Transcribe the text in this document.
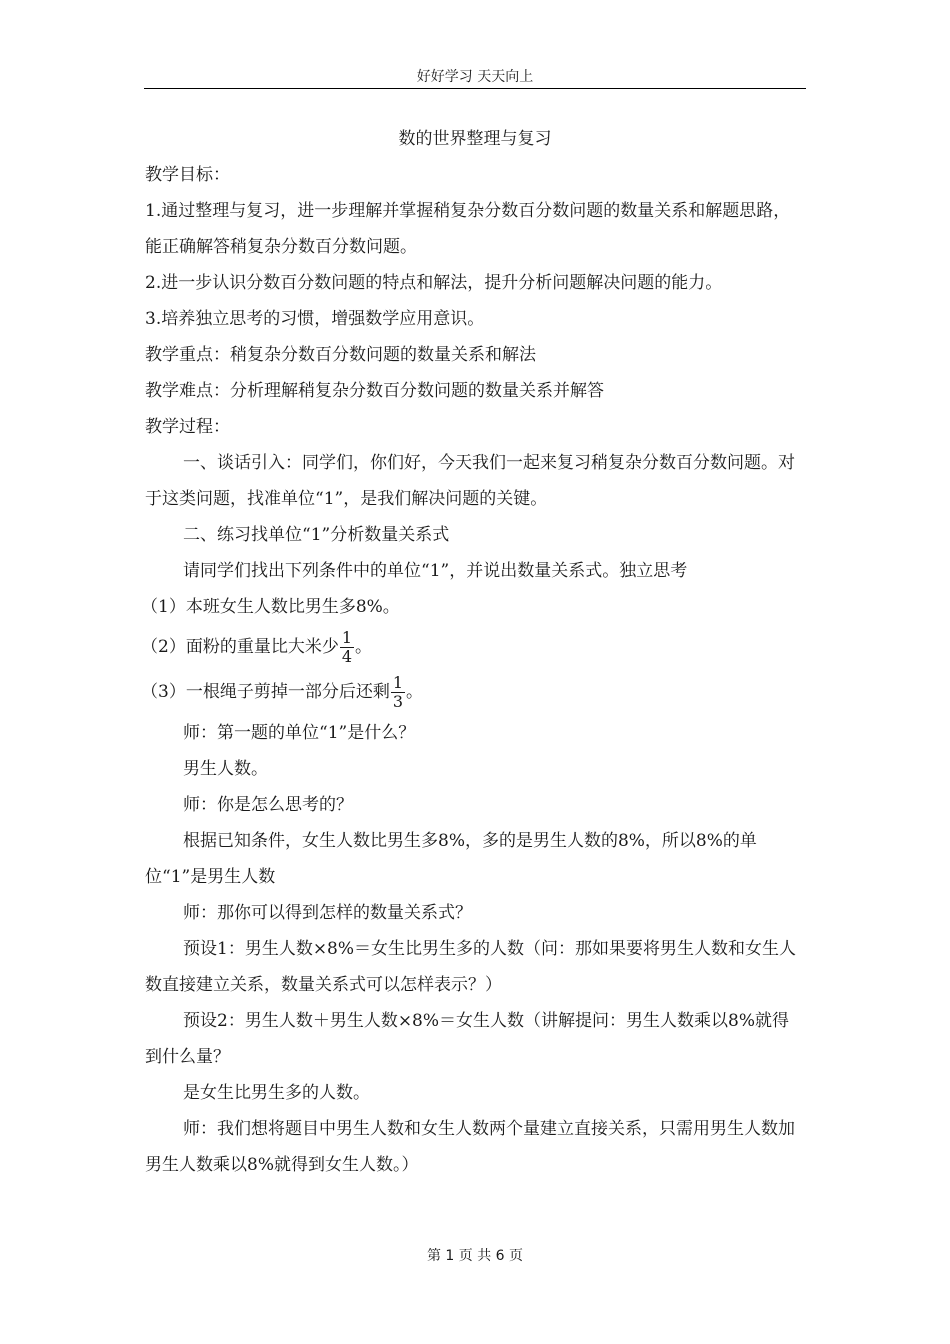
好好学习 天天向上
数的世界整理与复习

教学目标：

1.通过整理与复习，进一步理解并掌握稍复杂分数百分数问题的数量关系和解题思路，能正确解答稍复杂分数百分数问题。

2.进一步认识分数百分数问题的特点和解法，提升分析问题解决问题的能力。

3.培养独立思考的习惯，增强数学应用意识。

教学重点：稍复杂分数百分数问题的数量关系和解法

教学难点：分析理解稍复杂分数百分数问题的数量关系并解答

教学过程：

一、谈话引入：同学们，你们好，今天我们一起来复习稍复杂分数百分数问题。对于这类问题，找准单位“1”，是我们解决问题的关键。

二、练习找单位“1”分析数量关系式

请同学们找出下列条件中的单位“1”，并说出数量关系式。独立思考

（1）本班女生人数比男生多8%。

（2）面粉的重量比大米少 $\frac{1}{4}$ 。

（3）一根绳子剪掉一部分后还剩 $\frac{1}{3}$ 。

师：第一题的单位“1”是什么？

男生人数。

师：你是怎么思考的？

根据已知条件，女生人数比男生多8%，多的是男生人数的8%，所以8%的单位“1”是男生人数

师：那你可以得到怎样的数量关系式？

预设1：男生人数×8%＝女生比男生多的人数（问：那如果要将男生人数和女生人数直接建立关系，数量关系式可以怎样表示？）

预设2：男生人数＋男生人数×8%＝女生人数（讲解提问：男生人数乘以8%就得到什么量？

是女生比男生多的人数。

师：我们想将题目中男生人数和女生人数两个量建立直接关系，只需用男生人数加男生人数乘以8%就得到女生人数。）

第 1 页 共 6 页
